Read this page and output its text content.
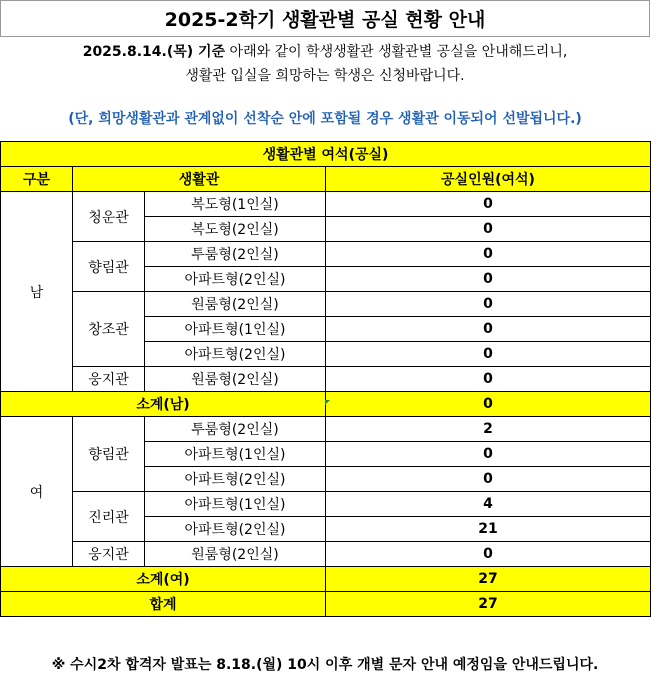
2025-2학기 생활관별 공실 현황 안내
2025.8.14.(목) 기준 아래와 같이 학생생활관 생활관별 공실을 안내해드리니,
생활관 입실을 희망하는 학생은 신청바랍니다.
(단, 희망생활관과 관계없이 선착순 안에 포함될 경우 생활관 이동되어 선발됩니다.)
생활관별 여석(공실)			
구분	생활관		공실인원(여석)
남	청운관	복도형(1인실)	0
		복도형(2인실)	0
	향림관	투룸형(2인실)	0
		아파트형(2인실)	0
	창조관	원룸형(2인실)	0
		아파트형(1인실)	0
		아파트형(2인실)	0
	웅지관	원룸형(2인실)	0
소계(남)			0
여	향림관	투룸형(2인실)	2
		아파트형(1인실)	0
		아파트형(2인실)	0
	진리관	아파트형(1인실)	4
		아파트형(2인실)	21
	웅지관	원룸형(2인실)	0
소계(여)			27
합계			27
※ 수시2차 합격자 발표는 8.18.(월) 10시 이후 개별 문자 안내 예정임을 안내드립니다.
